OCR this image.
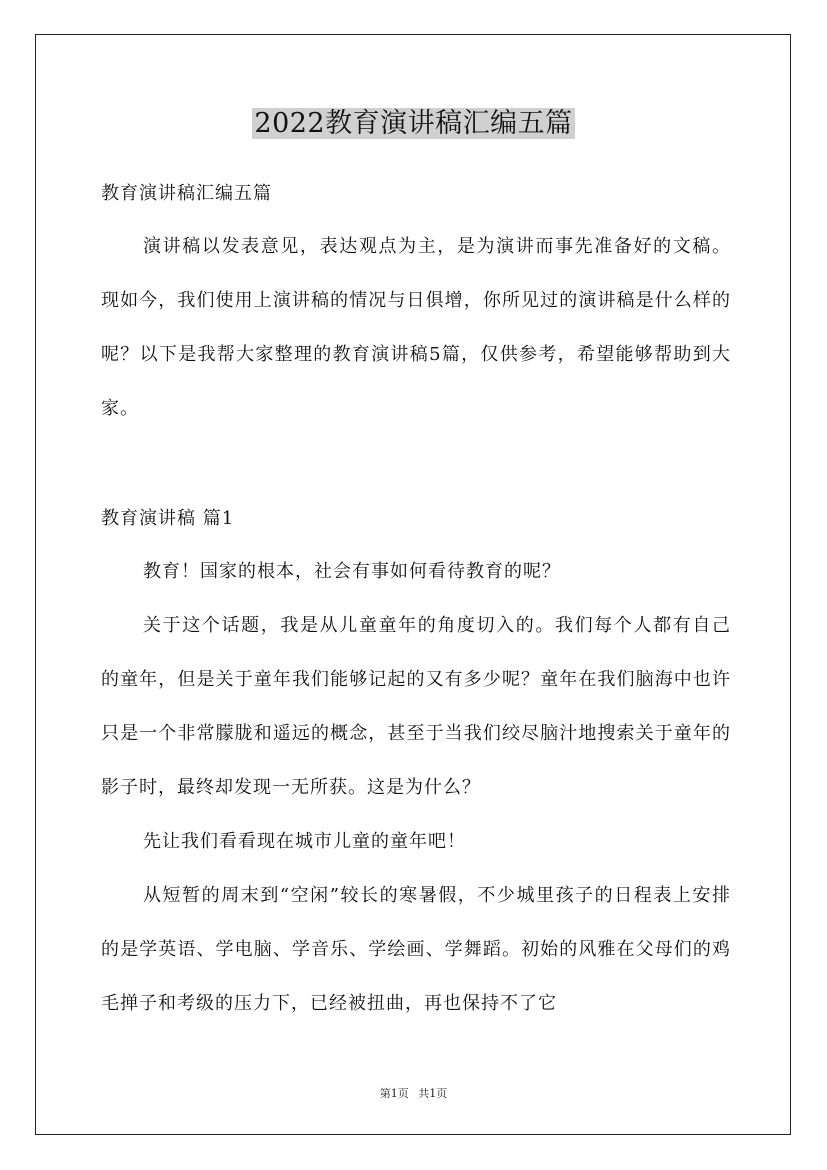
2022教育演讲稿汇编五篇

教育演讲稿汇编五篇

演讲稿以发表意见，表达观点为主，是为演讲而事先准备好的文稿。现如今，我们使用上演讲稿的情况与日俱增，你所见过的演讲稿是什么样的呢？以下是我帮大家整理的教育演讲稿5篇，仅供参考，希望能够帮助到大家。

教育演讲稿 篇1

教育！国家的根本，社会有事如何看待教育的呢？

关于这个话题，我是从儿童童年的角度切入的。我们每个人都有自己的童年，但是关于童年我们能够记起的又有多少呢？童年在我们脑海中也许只是一个非常朦胧和遥远的概念，甚至于当我们绞尽脑汁地搜索关于童年的影子时，最终却发现一无所获。这是为什么？

先让我们看看现在城市儿童的童年吧！

从短暂的周末到“空闲”较长的寒暑假，不少城里孩子的日程表上安排的是学英语、学电脑、学音乐、学绘画、学舞蹈。初始的风雅在父母们的鸡毛掸子和考级的压力下，已经被扭曲，再也保持不了它

第1页 共1页
